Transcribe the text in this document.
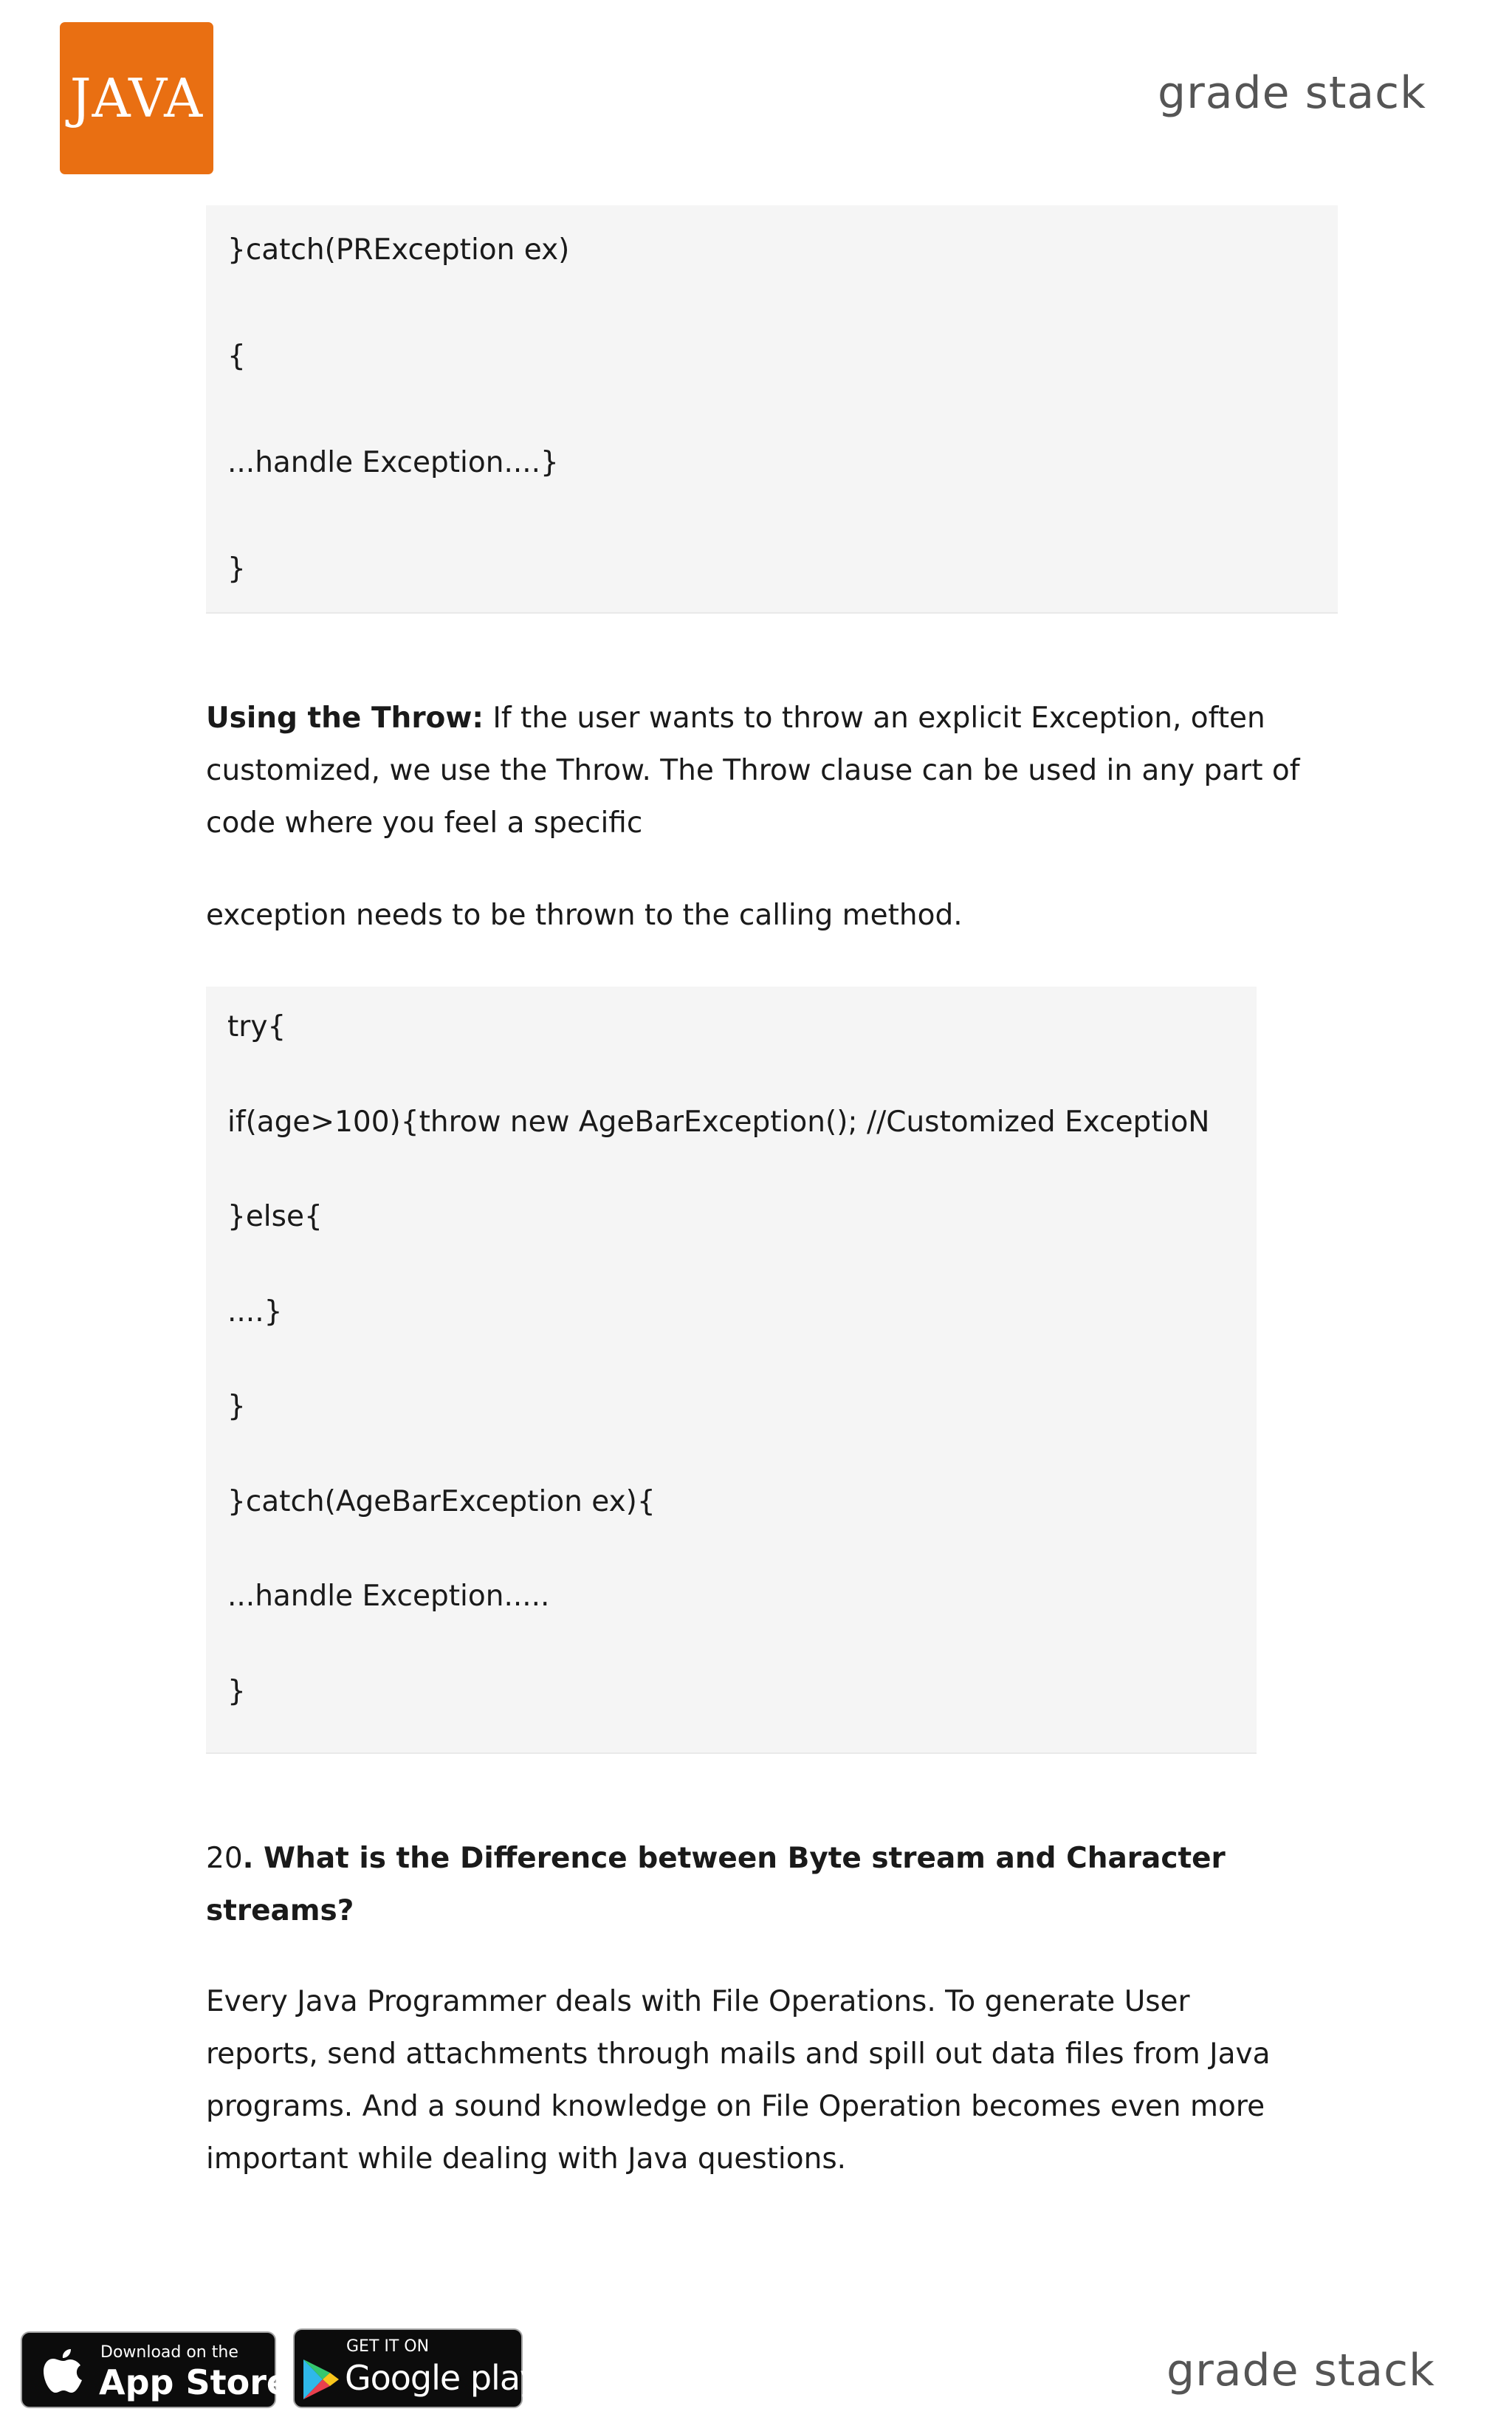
JAVA	grade stack
}catch(PRException ex)
{
...handle Exception....}
}
Using the Throw: If the user wants to throw an explicit Exception, often
customized, we use the Throw. The Throw clause can be used in any part of
code where you feel a specific
exception needs to be thrown to the calling method.
try{
if(age>100){throw new AgeBarException(); //Customized ExceptioN
}else{
....}
}
}catch(AgeBarException ex){
...handle Exception.....
}
20. What is the Difference between Byte stream and Character
streams?
Every Java Programmer deals with File Operations. To generate User
reports, send attachments through mails and spill out data files from Java
programs. And a sound knowledge on File Operation becomes even more
important while dealing with Java questions.
Download on the
App Store
GET IT ON
Google play	grade stack
